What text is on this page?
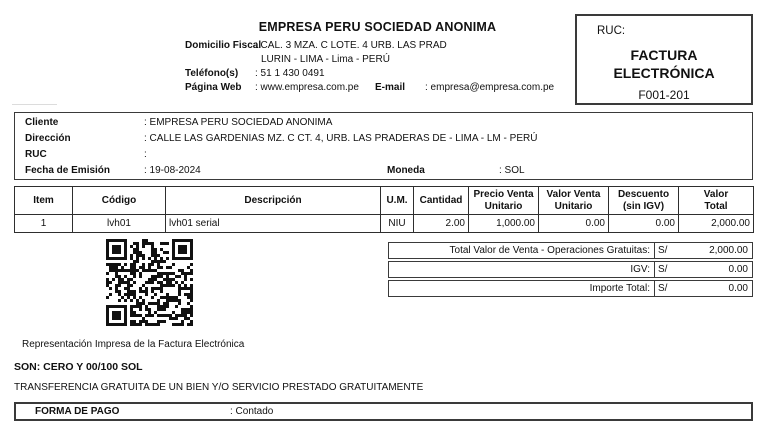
EMPRESA PERU SOCIEDAD ANONIMA
Domicilio Fiscal
: CAL. 3 MZA. C LOTE. 4 URB. LAS PRAD
LURIN - LIMA - Lima - PERÚ
Teléfono(s) : 51 1 430 0491
Página Web : www.empresa.com.pe E-mail : empresa@empresa.com.pe
RUC:
FACTURA ELECTRÓNICA
F001-201
Cliente	: EMPRESA PERU SOCIEDAD ANONIMA
Dirección	: CALLE LAS GARDENIAS MZ. C CT. 4, URB. LAS PRADERAS DE - LIMA - LM - PERÚ
RUC	:
Fecha de Emisión	: 19-08-2024	Moneda	: SOL
Item	Código	Descripción	U.M.	Cantidad	Precio Venta Unitario	Valor Venta Unitario	Descuento (sin IGV)	Valor Total
1	lvh01	lvh01 serial	NIU	2.00	1,000.00	0.00	0.00	2,000.00
Total Valor de Venta - Operaciones Gratuitas: S/	2,000.00
IGV: S/	0.00
Importe Total: S/	0.00
Representación Impresa de la Factura Electrónica
SON: CERO Y 00/100 SOL
TRANSFERENCIA GRATUITA DE UN BIEN Y/O SERVICIO PRESTADO GRATUITAMENTE
FORMA DE PAGO	: Contado
